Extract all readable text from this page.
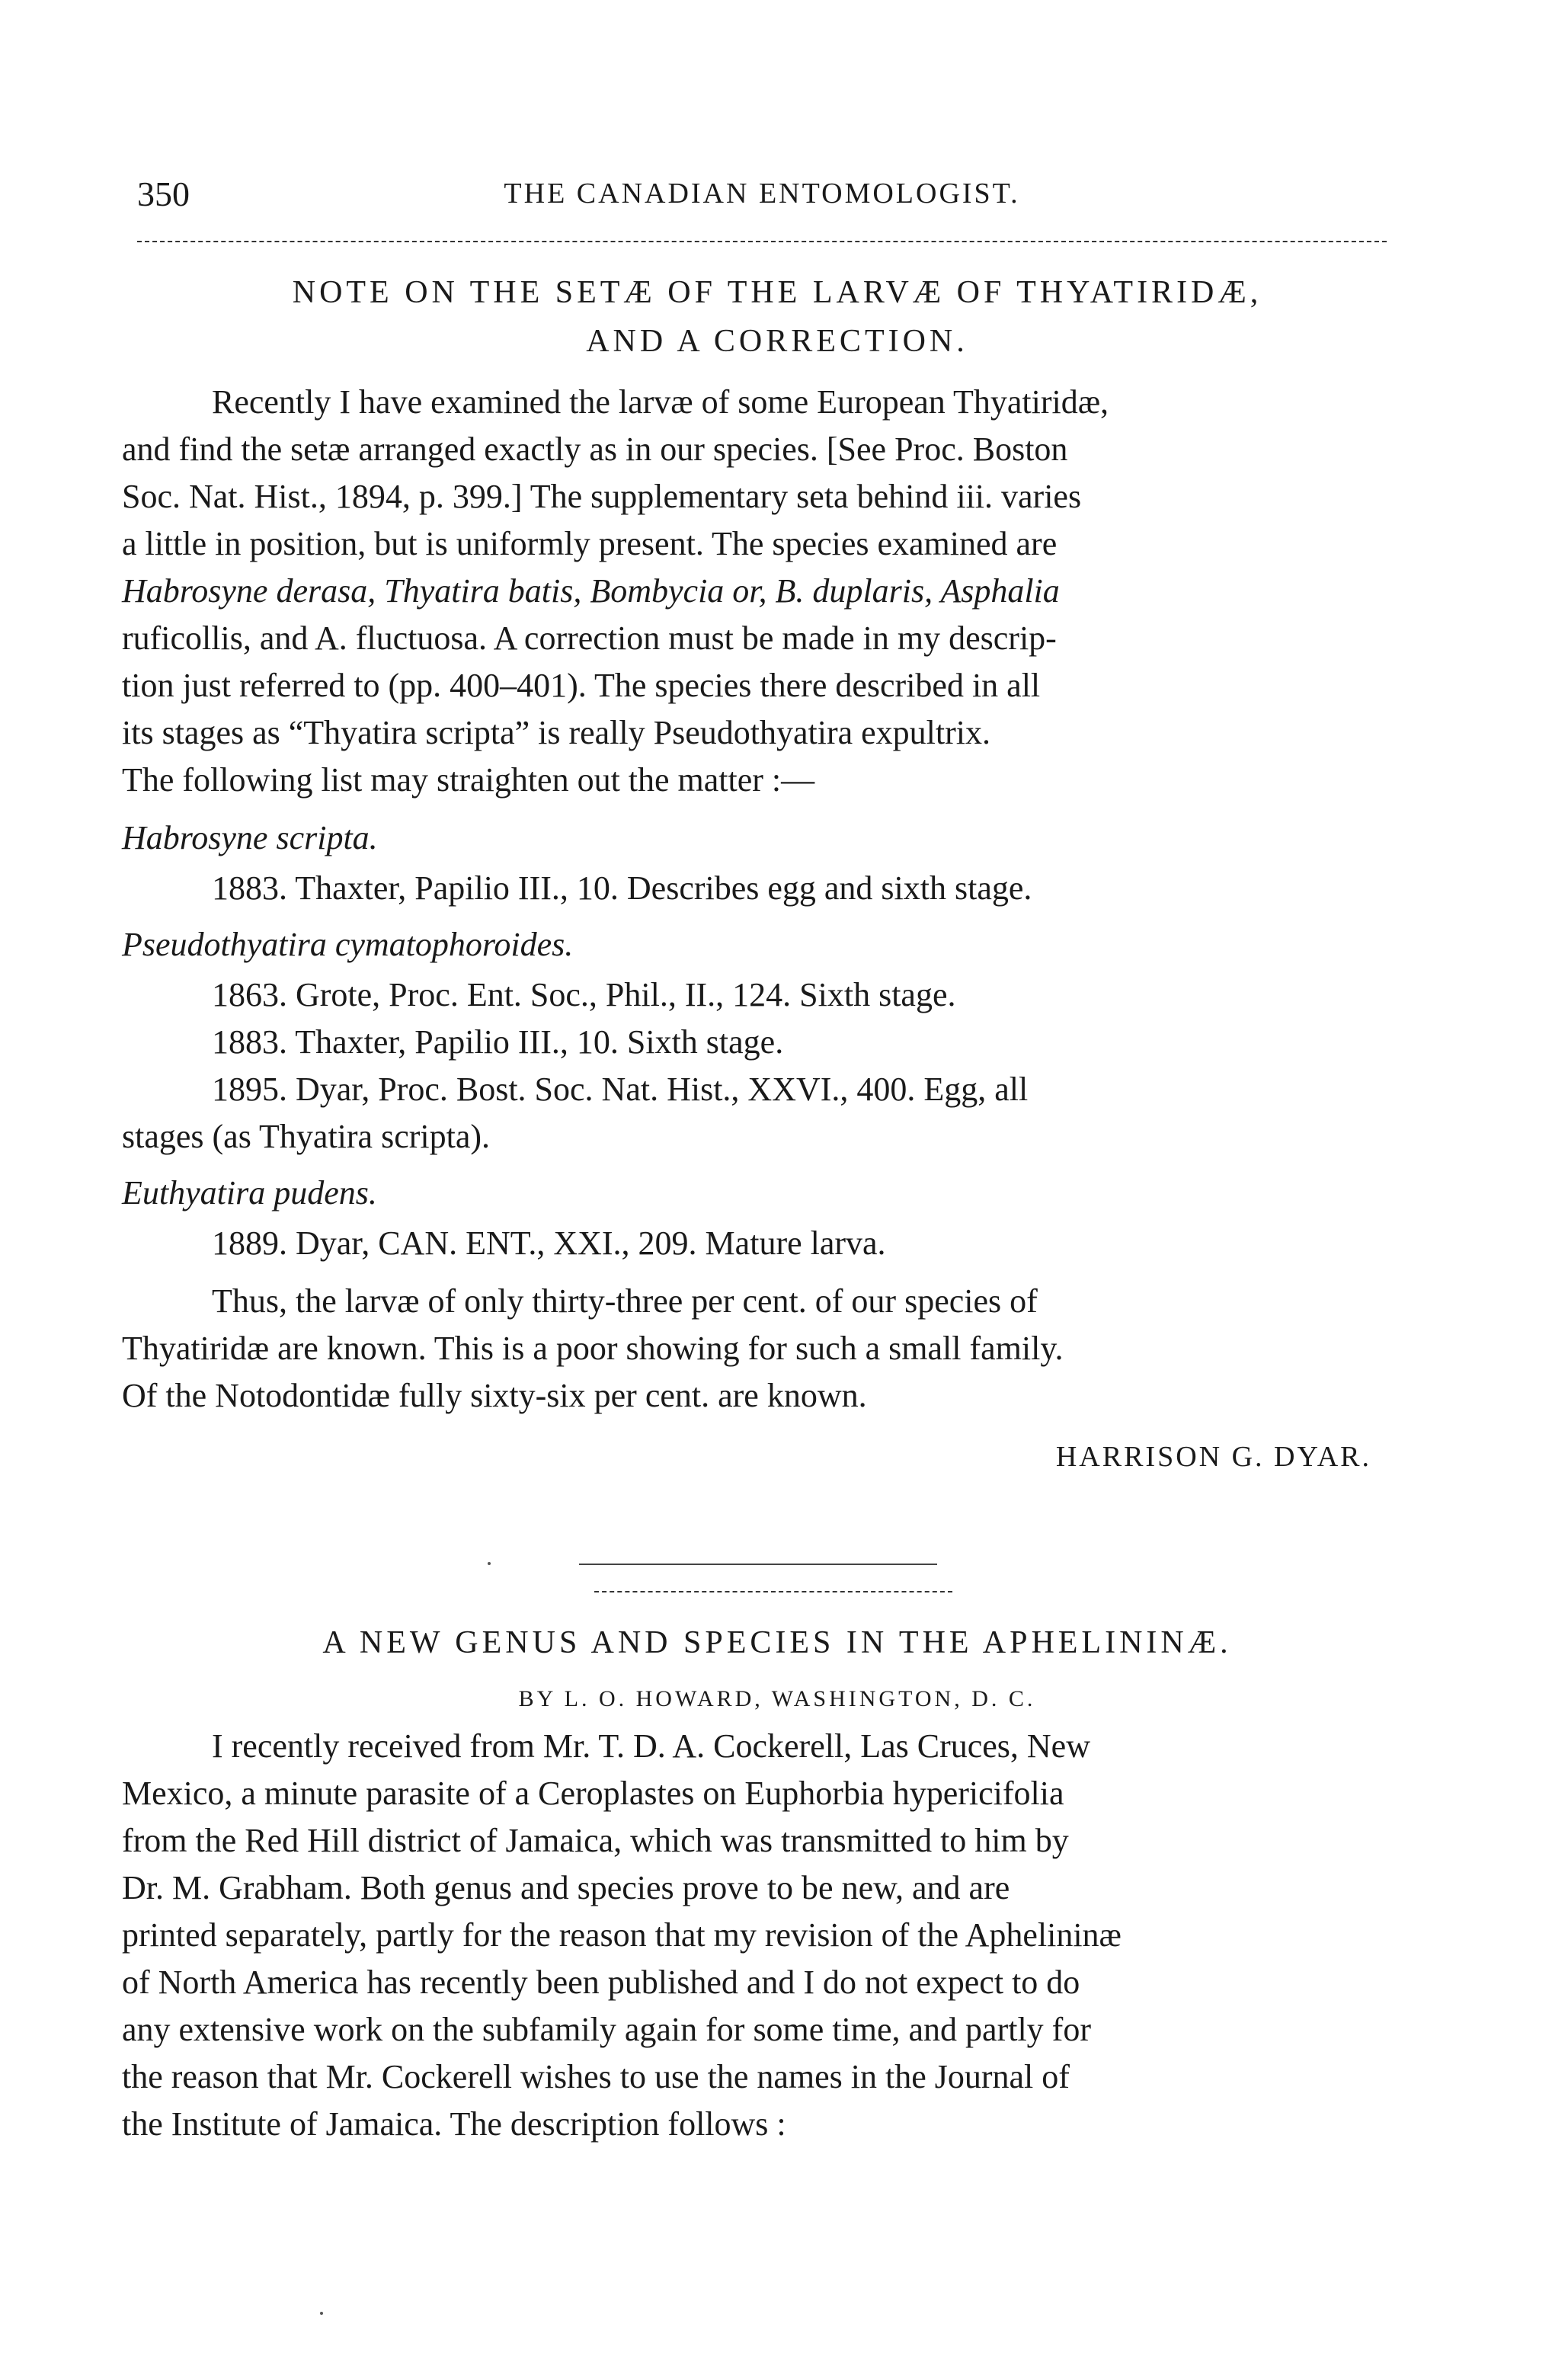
350	THE CANADIAN ENTOMOLOGIST.
NOTE ON THE SETÆ OF THE LARVÆ OF THYATIRIDÆ,
AND A CORRECTION.
Recently I have examined the larvæ of some European Thyatiridæ,
and find the setæ arranged exactly as in our species. [See Proc. Boston
Soc. Nat. Hist., 1894, p. 399.] The supplementary seta behind iii. varies
a little in position, but is uniformly present. The species examined are
Habrosyne derasa, Thyatira batis, Bombycia or, B. duplaris, Asphalia
ruficollis, and A. fluctuosa. A correction must be made in my descrip-
tion just referred to (pp. 400–401). The species there described in all
its stages as “Thyatira scripta” is really Pseudothyatira expultrix.
The following list may straighten out the matter :—
Habrosyne scripta.
1883. Thaxter, Papilio III., 10. Describes egg and sixth stage.
Pseudothyatira cymatophoroides.
1863. Grote, Proc. Ent. Soc., Phil., II., 124. Sixth stage.
1883. Thaxter, Papilio III., 10. Sixth stage.
1895. Dyar, Proc. Bost. Soc. Nat. Hist., XXVI., 400. Egg, all
stages (as Thyatira scripta).
Euthyatira pudens.
1889. Dyar, CAN. ENT., XXI., 209. Mature larva.
Thus, the larvæ of only thirty-three per cent. of our species of
Thyatiridæ are known. This is a poor showing for such a small family.
Of the Notodontidæ fully sixty-six per cent. are known.
HARRISON G. DYAR.
A NEW GENUS AND SPECIES IN THE APHELININÆ.
BY L. O. HOWARD, WASHINGTON, D. C.
I recently received from Mr. T. D. A. Cockerell, Las Cruces, New
Mexico, a minute parasite of a Ceroplastes on Euphorbia hypericifolia
from the Red Hill district of Jamaica, which was transmitted to him by
Dr. M. Grabham. Both genus and species prove to be new, and are
printed separately, partly for the reason that my revision of the Aphelininæ
of North America has recently been published and I do not expect to do
any extensive work on the subfamily again for some time, and partly for
the reason that Mr. Cockerell wishes to use the names in the Journal of
the Institute of Jamaica. The description follows :
